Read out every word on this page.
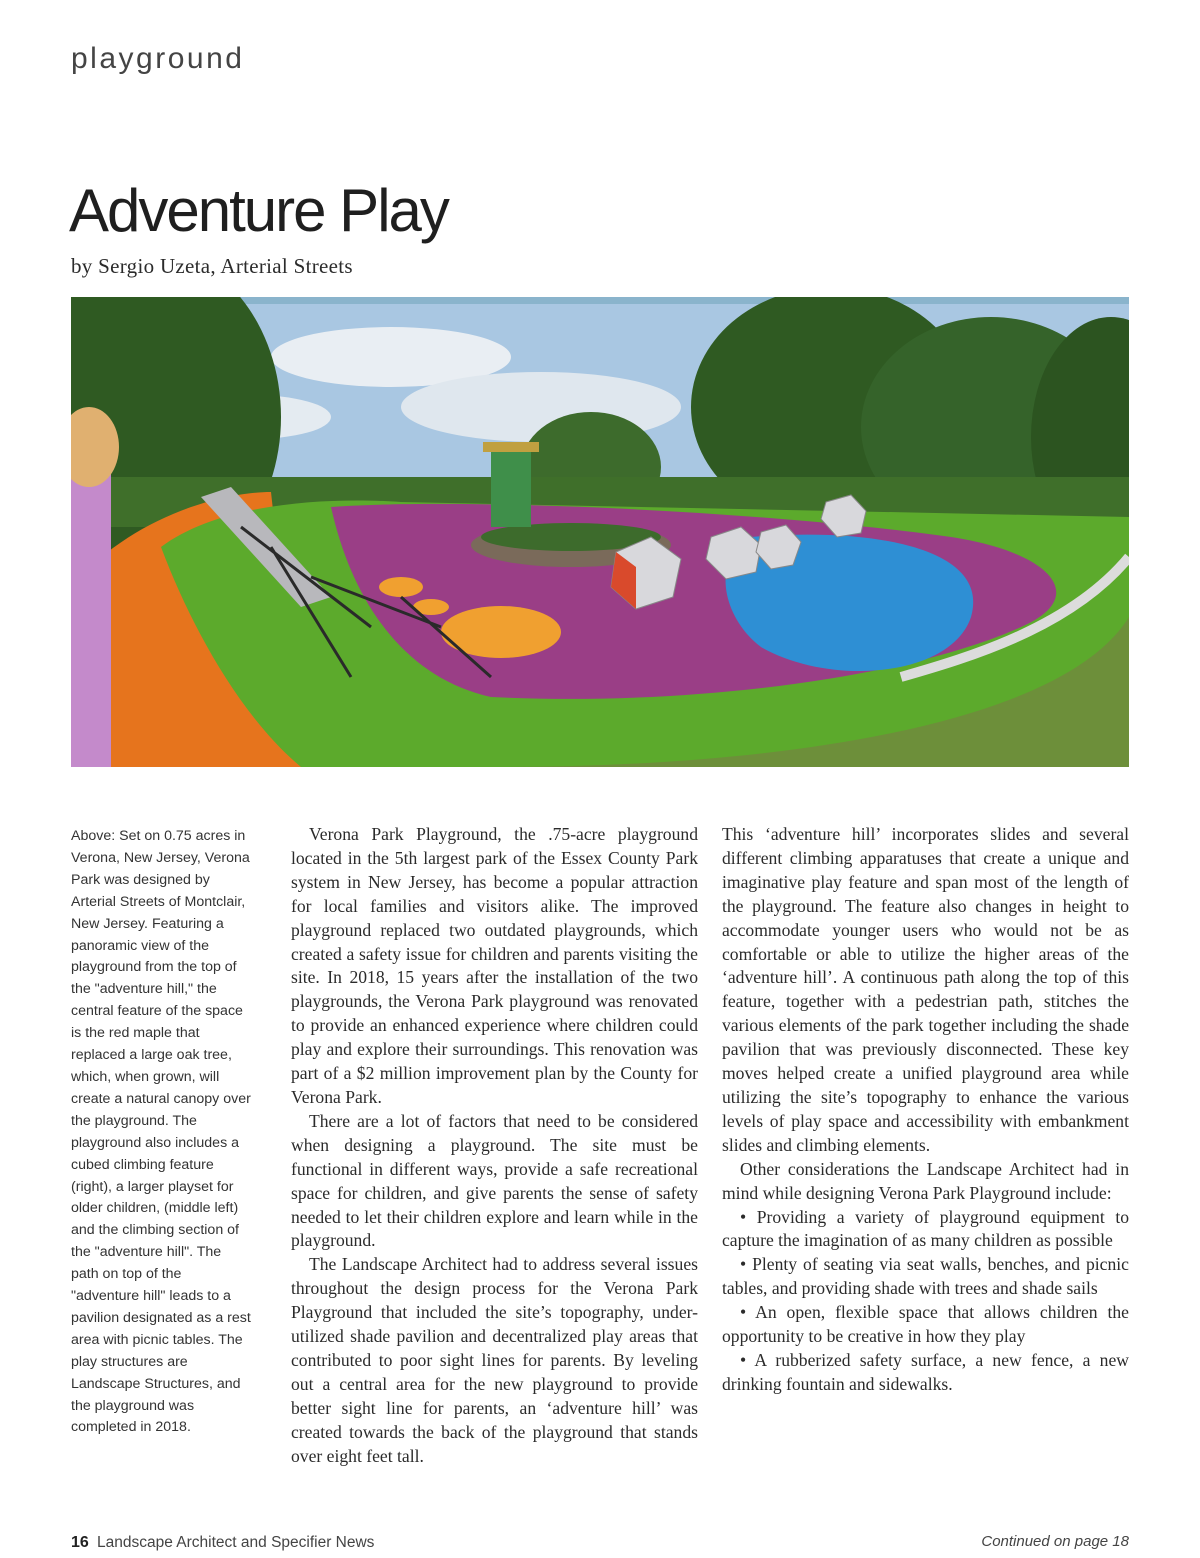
playground
Adventure Play

by Sergio Uzeta, Arterial Streets

Above: Set on 0.75 acres in Verona, New Jersey, Verona Park was designed by Arterial Streets of Montclair, New Jersey. Featuring a panoramic view of the playground from the top of the "adventure hill," the central feature of the space is the red maple that replaced a large oak tree, which, when grown, will create a natural canopy over the playground. The playground also includes a cubed climbing feature (right), a larger playset for older children, (middle left) and the climbing section of the "adventure hill". The path on top of the "adventure hill" leads to a pavilion designated as a rest area with picnic tables. The play structures are Landscape Structures, and the playground was completed in 2018.

Verona Park Playground, the .75-acre playground located in the 5th largest park of the Essex County Park system in New Jersey, has become a popular attraction for local families and visitors alike. The improved playground replaced two outdated playgrounds, which created a safety issue for children and parents visiting the site. In 2018, 15 years after the installation of the two playgrounds, the Verona Park playground was renovated to provide an enhanced experience where children could play and explore their surroundings. This renovation was part of a $2 million improvement plan by the County for Verona Park.

There are a lot of factors that need to be considered when designing a playground. The site must be functional in different ways, provide a safe recreational space for children, and give parents the sense of safety needed to let their children explore and learn while in the playground.

The Landscape Architect had to address several issues throughout the design process for the Verona Park Playground that included the site’s topography, under-utilized shade pavilion and decentralized play areas that contributed to poor sight lines for parents. By leveling out a central area for the new playground to provide better sight line for parents, an ‘adventure hill’ was created towards the back of the playground that stands over eight feet tall.

This ‘adventure hill’ incorporates slides and several different climbing apparatuses that create a unique and imaginative play feature and span most of the length of the playground. The feature also changes in height to accommodate younger users who would not be as comfortable or able to utilize the higher areas of the ‘adventure hill’. A continuous path along the top of this feature, together with a pedestrian path, stitches the various elements of the park together including the shade pavilion that was previously disconnected. These key moves helped create a unified playground area while utilizing the site’s topography to enhance the various levels of play space and accessibility with embankment slides and climbing elements.

Other considerations the Landscape Architect had in mind while designing Verona Park Playground include:

• Providing a variety of playground equipment to capture the imagination of as many children as possible

• Plenty of seating via seat walls, benches, and picnic tables, and providing shade with trees and shade sails

• An open, flexible space that allows children the opportunity to be creative in how they play

• A rubberized safety surface, a new fence, a new drinking fountain and sidewalks.

16 Landscape Architect and Specifier News	Continued on page 18
